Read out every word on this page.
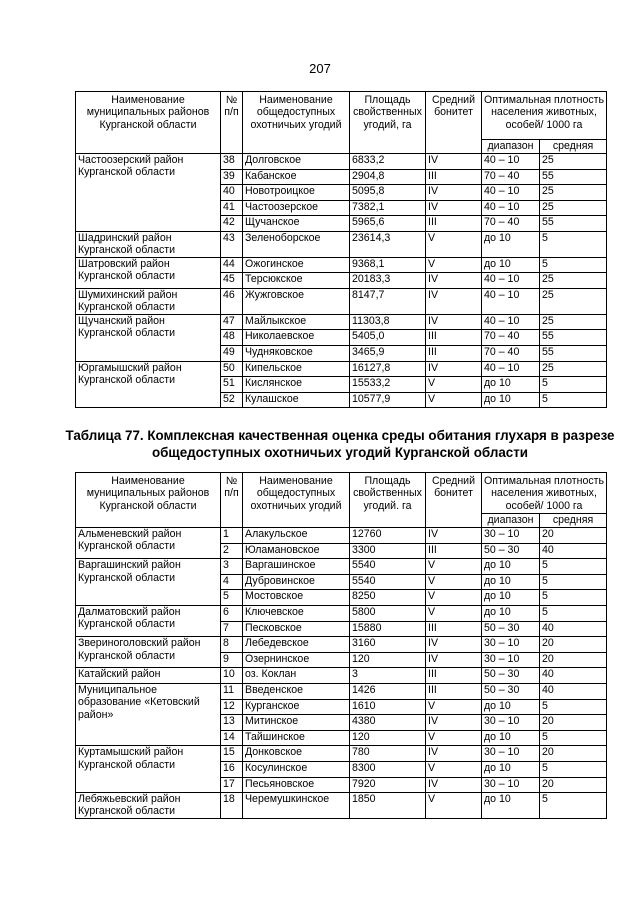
207
Наименование муниципальных районов Курганской области	№ п/п	Наименование общедоступных охотничьих угодий	Площадь свойственных угодий, га	Средний бонитет	Оптимальная плотность населения животных, особей/ 1000 га	
					диапазон	средняя
Частоозерский район Курганской области	38	Долговское	6833,2	IV	40 – 10	25
	39	Кабанское	2904,8	III	70 – 40	55
	40	Новотроицкое	5095,8	IV	40 – 10	25
	41	Частоозерское	7382,1	IV	40 – 10	25
	42	Щучанское	5965,6	III	70 – 40	55
Шадринский район Курганской области	43	Зеленоборское	23614,3	V	до 10	5
Шатровский район Курганской области	44	Ожогинское	9368,1	V	до 10	5
	45	Терсюкское	20183,3	IV	40 – 10	25
Шумихинский район Курганской области	46	Жужговское	8147,7	IV	40 – 10	25
Щучанский район Курганской области	47	Майлыкское	11303,8	IV	40 – 10	25
	48	Николаевское	5405,0	III	70 – 40	55
	49	Чудняковское	3465,9	III	70 – 40	55
Юргамышский район Курганской области	50	Кипельское	16127,8	IV	40 – 10	25
	51	Кислянское	15533,2	V	до 10	5
	52	Кулашское	10577,9	V	до 10	5
Таблица 77. Комплексная качественная оценка среды обитания глухаря в разрезе общедоступных охотничьих угодий Курганской области
Наименование муниципальных районов Курганской области	№ п/п	Наименование общедоступных охотничьих угодий	Площадь свойственных угодий. га	Средний бонитет	Оптимальная плотность населения животных, особей/ 1000 га	
					диапазон	средняя
Альменевский район Курганской области	1	Алакульское	12760	IV	30 – 10	20
	2	Юламановское	3300	III	50 – 30	40
Варгашинский район Курганской области	3	Варгашинское	5540	V	до 10	5
	4	Дубровинское	5540	V	до 10	5
	5	Мостовское	8250	V	до 10	5
Далматовский район Курганской области	6	Ключевское	5800	V	до 10	5
	7	Песковское	15880	III	50 – 30	40
Звериноголовский район Курганской области	8	Лебедевское	3160	IV	30 – 10	20
	9	Озернинское	120	IV	30 – 10	20
Катайский район	10	оз. Коклан	3	III	50 – 30	40
Муниципальное образование «Кетовский район»	11	Введенское	1426	III	50 – 30	40
	12	Курганское	1610	V	до 10	5
	13	Митинское	4380	IV	30 – 10	20
	14	Тайшинское	120	V	до 10	5
Куртамышский район Курганской области	15	Донковское	780	IV	30 – 10	20
	16	Косулинское	8300	V	до 10	5
	17	Песьяновское	7920	IV	30 – 10	20
Лебяжьевский район Курганской области	18	Черемушкинское	1850	V	до 10	5
